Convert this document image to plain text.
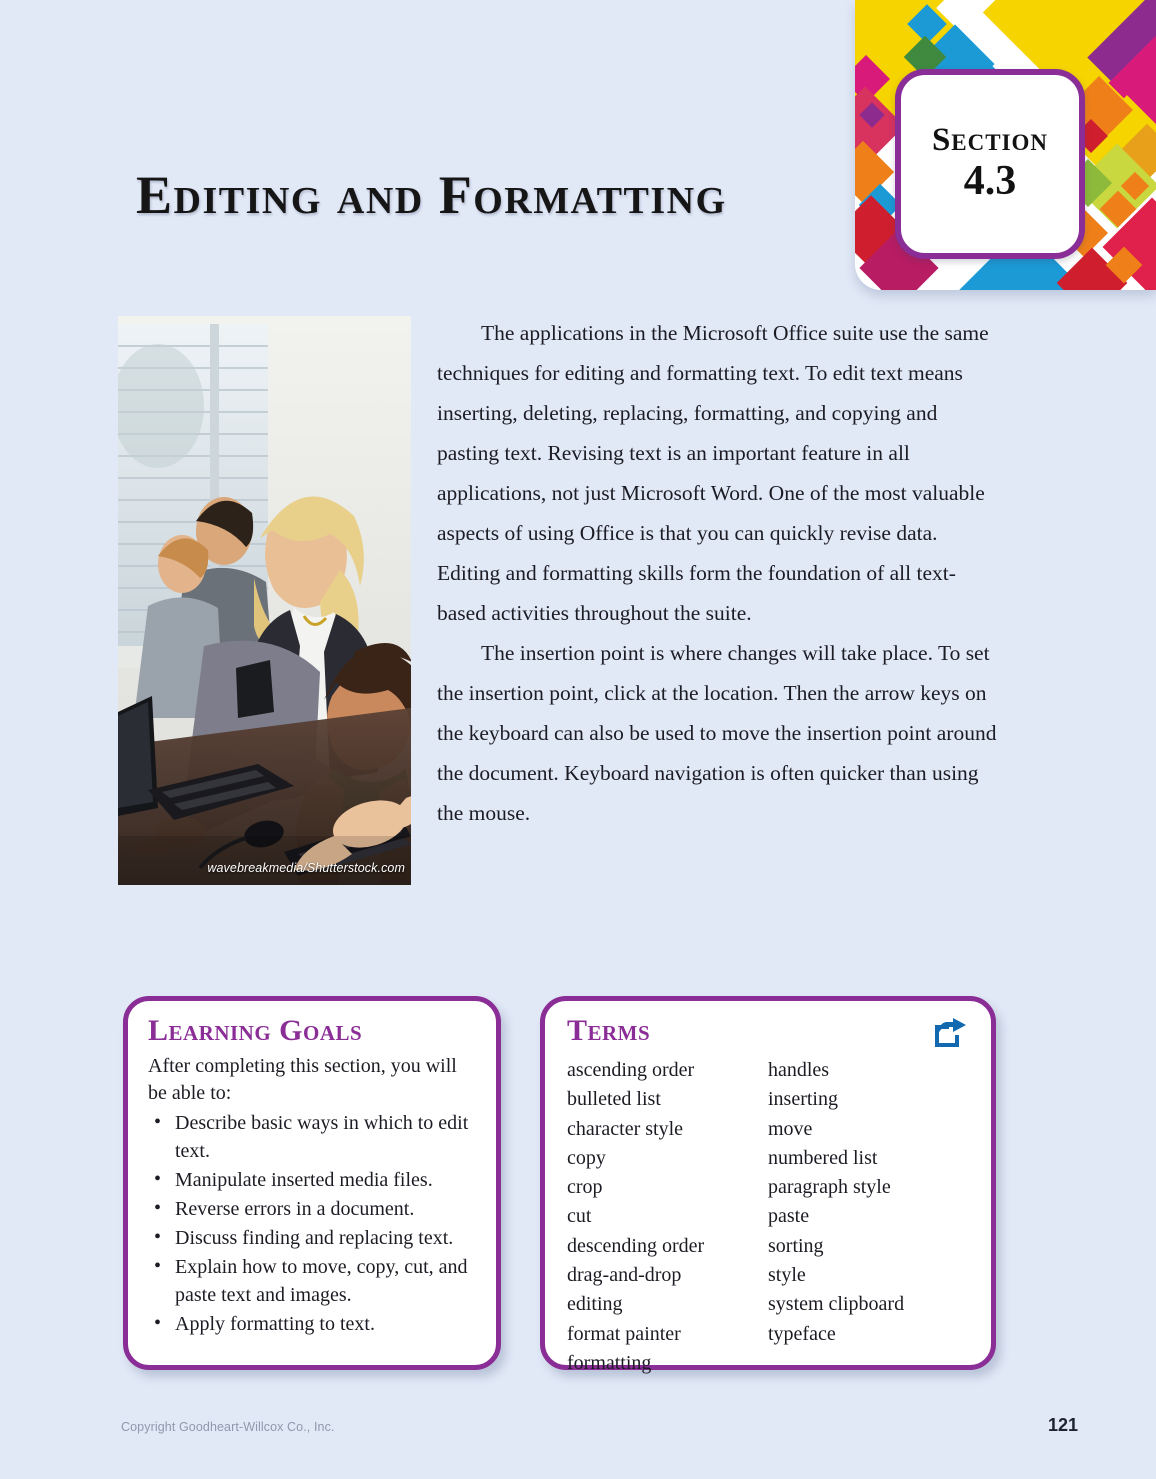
Section
4.3
Editing and Formatting
wavebreakmedia/Shutterstock.com

The applications in the Microsoft Office suite use the same techniques for editing and formatting text. To edit text means inserting, deleting, replacing, formatting, and copying and pasting text. Revising text is an important feature in all applications, not just Microsoft Word. One of the most valuable aspects of using Office is that you can quickly revise data. Editing and formatting skills form the foundation of all text-based activities throughout the suite.

The insertion point is where changes will take place. To set the insertion point, click at the location. Then the arrow keys on the keyboard can also be used to move the insertion point around the document. Keyboard navigation is often quicker than using the mouse.

Learning Goals
After completing this section, you will be able to:
• Describe basic ways in which to edit text.
• Manipulate inserted media files.
• Reverse errors in a document.
• Discuss finding and replacing text.
• Explain how to move, copy, cut, and paste text and images.
• Apply formatting to text.
Terms
ascending order
bulleted list
character style
copy
crop
cut
descending order
drag-and-drop
editing
format painter
formatting
handles
inserting
move
numbered list
paragraph style
paste
sorting
style
system clipboard
typeface
Copyright Goodheart-Willcox Co., Inc.	121
